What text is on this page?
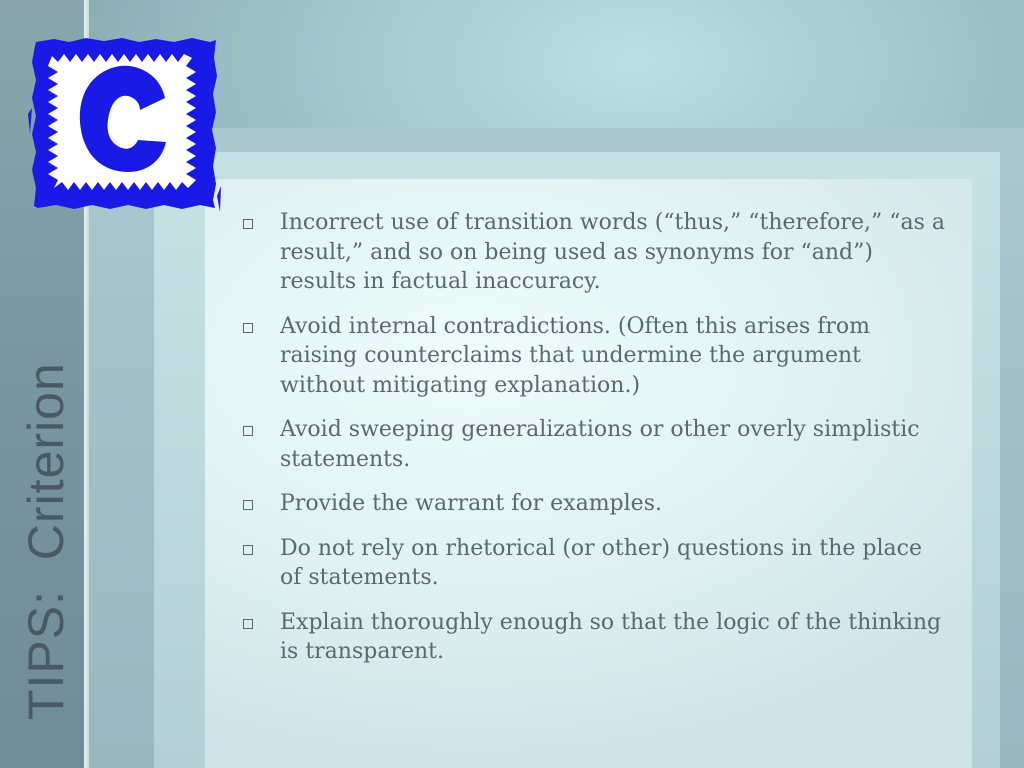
TIPS:  Criterion
Incorrect use of transition words (“thus,” “therefore,” “as a result,” and so on being used as synonyms for “and”) results in factual inaccuracy.
Avoid internal contradictions. (Often this arises from raising counterclaims that undermine the argument without mitigating explanation.)
Avoid sweeping generalizations or other overly simplistic statements.
Provide the warrant for examples.
Do not rely on rhetorical (or other) questions in the place of statements.
Explain thoroughly enough so that the logic of the thinking is transparent.
